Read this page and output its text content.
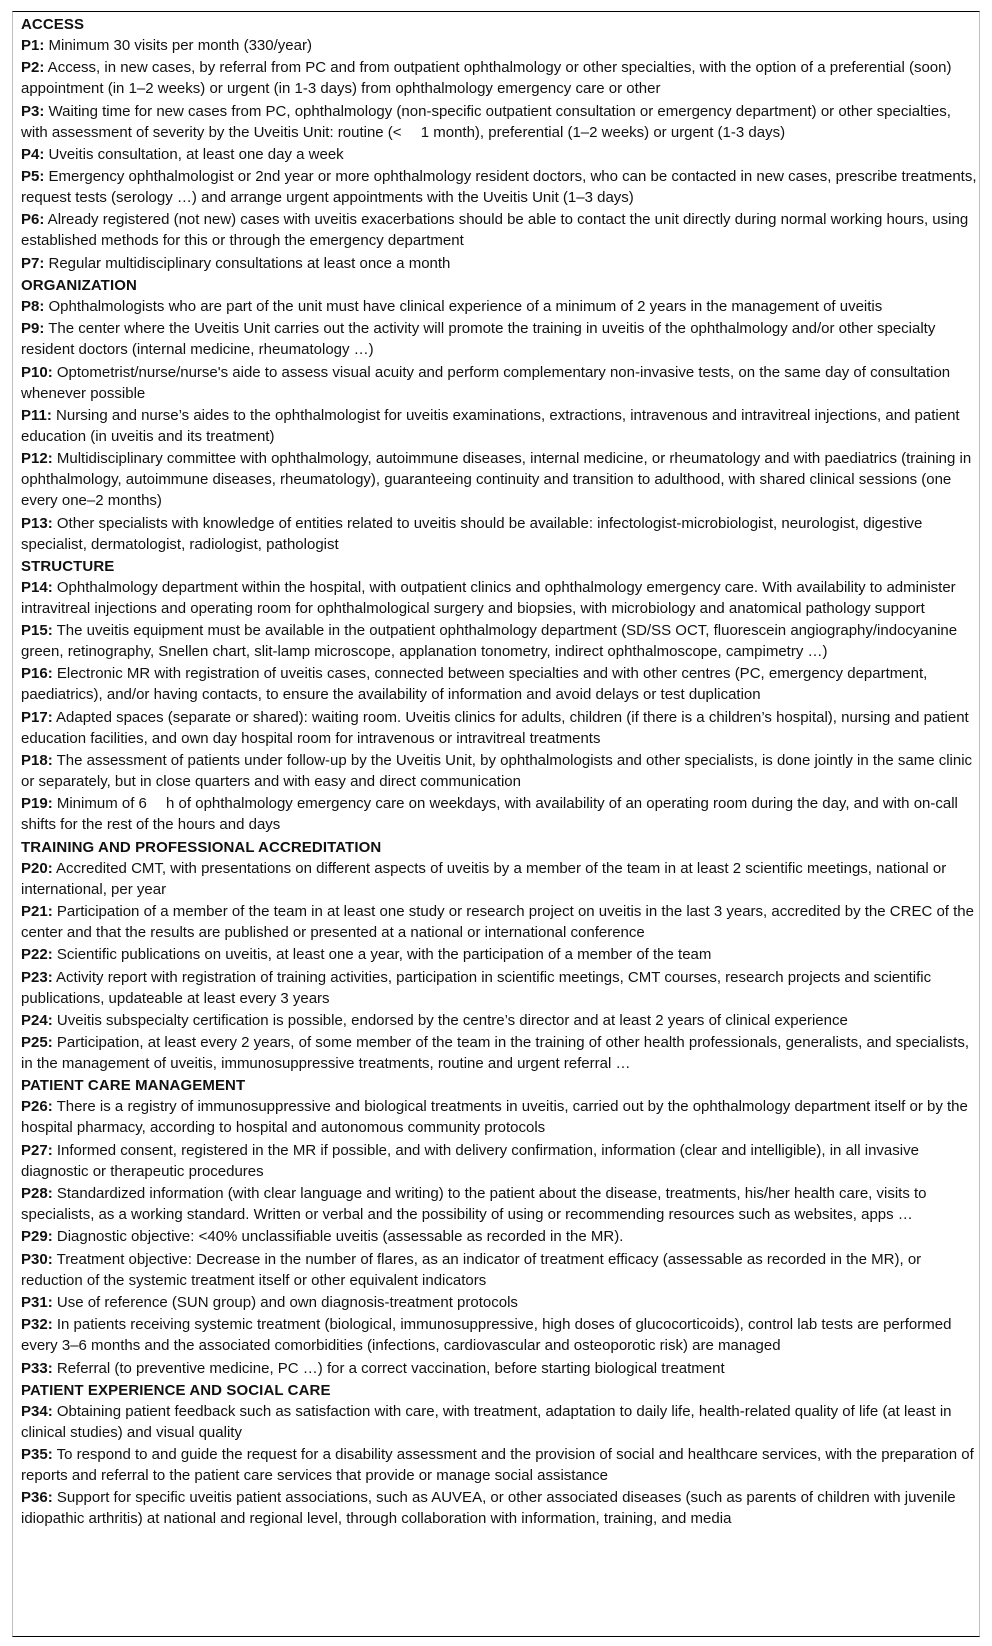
ACCESS

P1: Minimum 30 visits per month (330/year)

P2: Access, in new cases, by referral from PC and from outpatient ophthalmology or other specialties, with the option of a preferential (soon) appointment (in 1–2 weeks) or urgent (in 1-3 days) from ophthalmology emergency care or other

P3: Waiting time for new cases from PC, ophthalmology (non-specific outpatient consultation or emergency department) or other specialties, with assessment of severity by the Uveitis Unit: routine (<  1 month), preferential (1–2 weeks) or urgent (1-3 days)

P4: Uveitis consultation, at least one day a week

P5: Emergency ophthalmologist or 2nd year or more ophthalmology resident doctors, who can be contacted in new cases, prescribe treatments, request tests (serology …) and arrange urgent appointments with the Uveitis Unit (1–3 days)

P6: Already registered (not new) cases with uveitis exacerbations should be able to contact the unit directly during normal working hours, using established methods for this or through the emergency department

P7: Regular multidisciplinary consultations at least once a month

ORGANIZATION

P8: Ophthalmologists who are part of the unit must have clinical experience of a minimum of 2 years in the management of uveitis

P9: The center where the Uveitis Unit carries out the activity will promote the training in uveitis of the ophthalmology and/or other specialty resident doctors (internal medicine, rheumatology …)

P10: Optometrist/nurse/nurse's aide to assess visual acuity and perform complementary non-invasive tests, on the same day of consultation whenever possible

P11: Nursing and nurse’s aides to the ophthalmologist for uveitis examinations, extractions, intravenous and intravitreal injections, and patient education (in uveitis and its treatment)

P12: Multidisciplinary committee with ophthalmology, autoimmune diseases, internal medicine, or rheumatology and with paediatrics (training in ophthalmology, autoimmune diseases, rheumatology), guaranteeing continuity and transition to adulthood, with shared clinical sessions (one every one–2 months)

P13: Other specialists with knowledge of entities related to uveitis should be available: infectologist-microbiologist, neurologist, digestive specialist, dermatologist, radiologist, pathologist

STRUCTURE

P14: Ophthalmology department within the hospital, with outpatient clinics and ophthalmology emergency care. With availability to administer intravitreal injections and operating room for ophthalmological surgery and biopsies, with microbiology and anatomical pathology support

P15: The uveitis equipment must be available in the outpatient ophthalmology department (SD/SS OCT, fluorescein angiography/indocyanine green, retinography, Snellen chart, slit-lamp microscope, applanation tonometry, indirect ophthalmoscope, campimetry …)

P16: Electronic MR with registration of uveitis cases, connected between specialties and with other centres (PC, emergency department, paediatrics), and/or having contacts, to ensure the availability of information and avoid delays or test duplication

P17: Adapted spaces (separate or shared): waiting room. Uveitis clinics for adults, children (if there is a children’s hospital), nursing and patient education facilities, and own day hospital room for intravenous or intravitreal treatments

P18: The assessment of patients under follow-up by the Uveitis Unit, by ophthalmologists and other specialists, is done jointly in the same clinic or separately, but in close quarters and with easy and direct communication

P19: Minimum of 6  h of ophthalmology emergency care on weekdays, with availability of an operating room during the day, and with on-call shifts for the rest of the hours and days

TRAINING AND PROFESSIONAL ACCREDITATION

P20: Accredited CMT, with presentations on different aspects of uveitis by a member of the team in at least 2 scientific meetings, national or international, per year

P21: Participation of a member of the team in at least one study or research project on uveitis in the last 3 years, accredited by the CREC of the center and that the results are published or presented at a national or international conference

P22: Scientific publications on uveitis, at least one a year, with the participation of a member of the team

P23: Activity report with registration of training activities, participation in scientific meetings, CMT courses, research projects and scientific publications, updateable at least every 3 years

P24: Uveitis subspecialty certification is possible, endorsed by the centre’s director and at least 2 years of clinical experience

P25: Participation, at least every 2 years, of some member of the team in the training of other health professionals, generalists, and specialists, in the management of uveitis, immunosuppressive treatments, routine and urgent referral …

PATIENT CARE MANAGEMENT

P26: There is a registry of immunosuppressive and biological treatments in uveitis, carried out by the ophthalmology department itself or by the hospital pharmacy, according to hospital and autonomous community protocols

P27: Informed consent, registered in the MR if possible, and with delivery confirmation, information (clear and intelligible), in all invasive diagnostic or therapeutic procedures

P28: Standardized information (with clear language and writing) to the patient about the disease, treatments, his/her health care, visits to specialists, as a working standard. Written or verbal and the possibility of using or recommending resources such as websites, apps …

P29: Diagnostic objective: <40% unclassifiable uveitis (assessable as recorded in the MR).

P30: Treatment objective: Decrease in the number of flares, as an indicator of treatment efficacy (assessable as recorded in the MR), or reduction of the systemic treatment itself or other equivalent indicators

P31: Use of reference (SUN group) and own diagnosis-treatment protocols

P32: In patients receiving systemic treatment (biological, immunosuppressive, high doses of glucocorticoids), control lab tests are performed every 3–6 months and the associated comorbidities (infections, cardiovascular and osteoporotic risk) are managed

P33: Referral (to preventive medicine, PC …) for a correct vaccination, before starting biological treatment

PATIENT EXPERIENCE AND SOCIAL CARE

P34: Obtaining patient feedback such as satisfaction with care, with treatment, adaptation to daily life, health-related quality of life (at least in clinical studies) and visual quality

P35: To respond to and guide the request for a disability assessment and the provision of social and healthcare services, with the preparation of reports and referral to the patient care services that provide or manage social assistance

P36: Support for specific uveitis patient associations, such as AUVEA, or other associated diseases (such as parents of children with juvenile idiopathic arthritis) at national and regional level, through collaboration with information, training, and media
